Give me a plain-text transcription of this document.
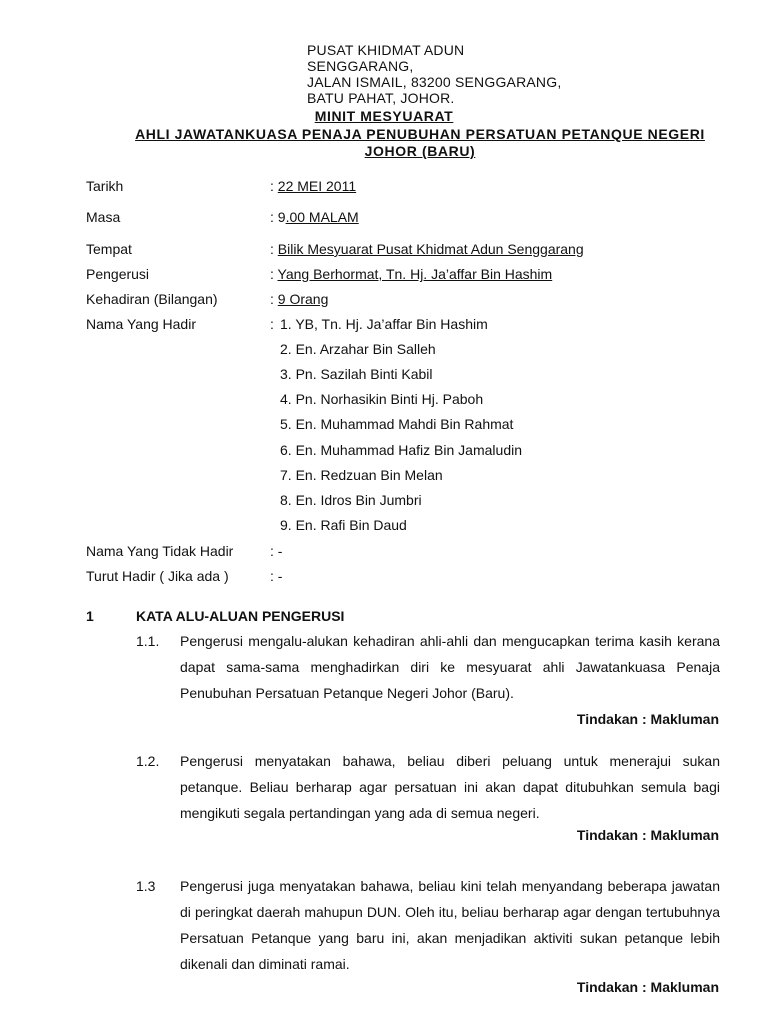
PUSAT KHIDMAT ADUN
SENGGARANG,
JALAN ISMAIL, 83200 SENGGARANG,
BATU PAHAT, JOHOR.
MINIT MESYUARAT
AHLI JAWATANKUASA PENAJA PENUBUHAN PERSATUAN PETANQUE NEGERI
JOHOR (BARU)
Tarikh	: 22 MEI 2011
Masa	: 9.00 MALAM
Tempat	: Bilik Mesyuarat Pusat Khidmat Adun Senggarang
Pengerusi	: Yang Berhormat, Tn. Hj. Ja’affar Bin Hashim
Kehadiran (Bilangan)	: 9 Orang
Nama Yang Hadir	: 1. YB, Tn. Hj. Ja’affar Bin Hashim
2. En. Arzahar Bin Salleh
3. Pn. Sazilah Binti Kabil
4. Pn. Norhasikin Binti Hj. Paboh
5. En. Muhammad Mahdi Bin Rahmat
6. En. Muhammad Hafiz Bin Jamaludin
7. En. Redzuan Bin Melan
8. En. Idros Bin Jumbri
9. En. Rafi Bin Daud
Nama Yang Tidak Hadir	: -
Turut Hadir ( Jika ada )	: -
1	KATA ALU-ALUAN PENGERUSI
1.1. Pengerusi mengalu-alukan kehadiran ahli-ahli dan mengucapkan terima kasih kerana dapat sama-sama menghadirkan diri ke mesyuarat ahli Jawatankuasa Penaja Penubuhan Persatuan Petanque Negeri Johor (Baru).
Tindakan : Makluman
1.2. Pengerusi menyatakan bahawa, beliau diberi peluang untuk menerajui sukan petanque. Beliau berharap agar persatuan ini akan dapat ditubuhkan semula bagi mengikuti segala pertandingan yang ada di semua negeri.
Tindakan : Makluman
1.3 Pengerusi juga menyatakan bahawa, beliau kini telah menyandang beberapa jawatan di peringkat daerah mahupun DUN. Oleh itu, beliau berharap agar dengan tertubuhnya Persatuan Petanque yang baru ini, akan menjadikan aktiviti sukan petanque lebih dikenali dan diminati ramai.
Tindakan : Makluman
